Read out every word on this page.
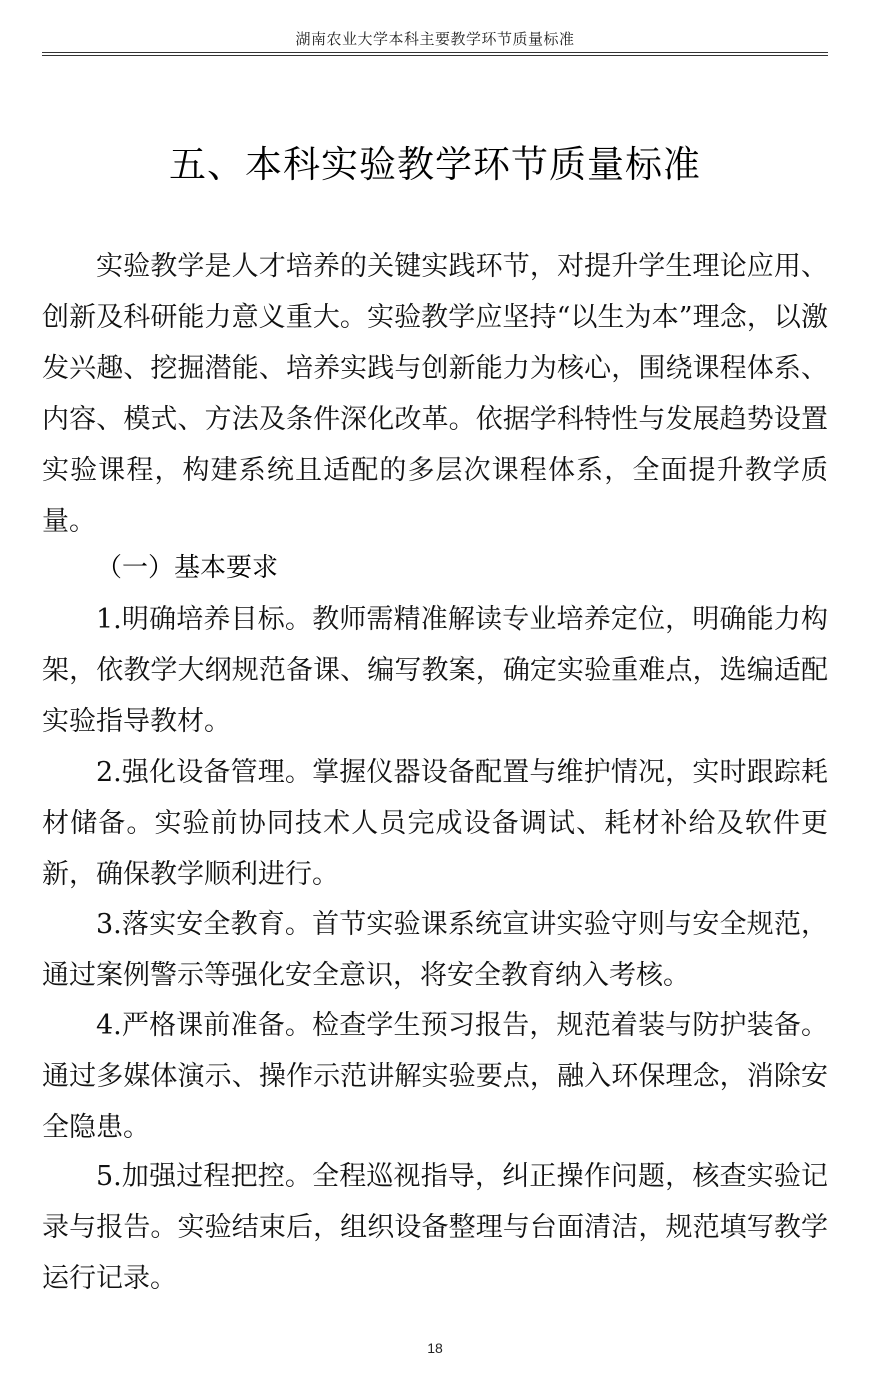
湖南农业大学本科主要教学环节质量标准
五、本科实验教学环节质量标准

实验教学是人才培养的关键实践环节，对提升学生理论应用、创新及科研能力意义重大。实验教学应坚持“以生为本”理念，以激发兴趣、挖掘潜能、培养实践与创新能力为核心，围绕课程体系、内容、模式、方法及条件深化改革。依据学科特性与发展趋势设置实验课程，构建系统且适配的多层次课程体系，全面提升教学质量。

（一）基本要求

1.明确培养目标。教师需精准解读专业培养定位，明确能力构架，依教学大纲规范备课、编写教案，确定实验重难点，选编适配实验指导教材。

2.强化设备管理。掌握仪器设备配置与维护情况，实时跟踪耗材储备。实验前协同技术人员完成设备调试、耗材补给及软件更新，确保教学顺利进行。

3.落实安全教育。首节实验课系统宣讲实验守则与安全规范，通过案例警示等强化安全意识，将安全教育纳入考核。

4.严格课前准备。检查学生预习报告，规范着装与防护装备。通过多媒体演示、操作示范讲解实验要点，融入环保理念，消除安全隐患。

5.加强过程把控。全程巡视指导，纠正操作问题，核查实验记录与报告。实验结束后，组织设备整理与台面清洁，规范填写教学运行记录。

18
